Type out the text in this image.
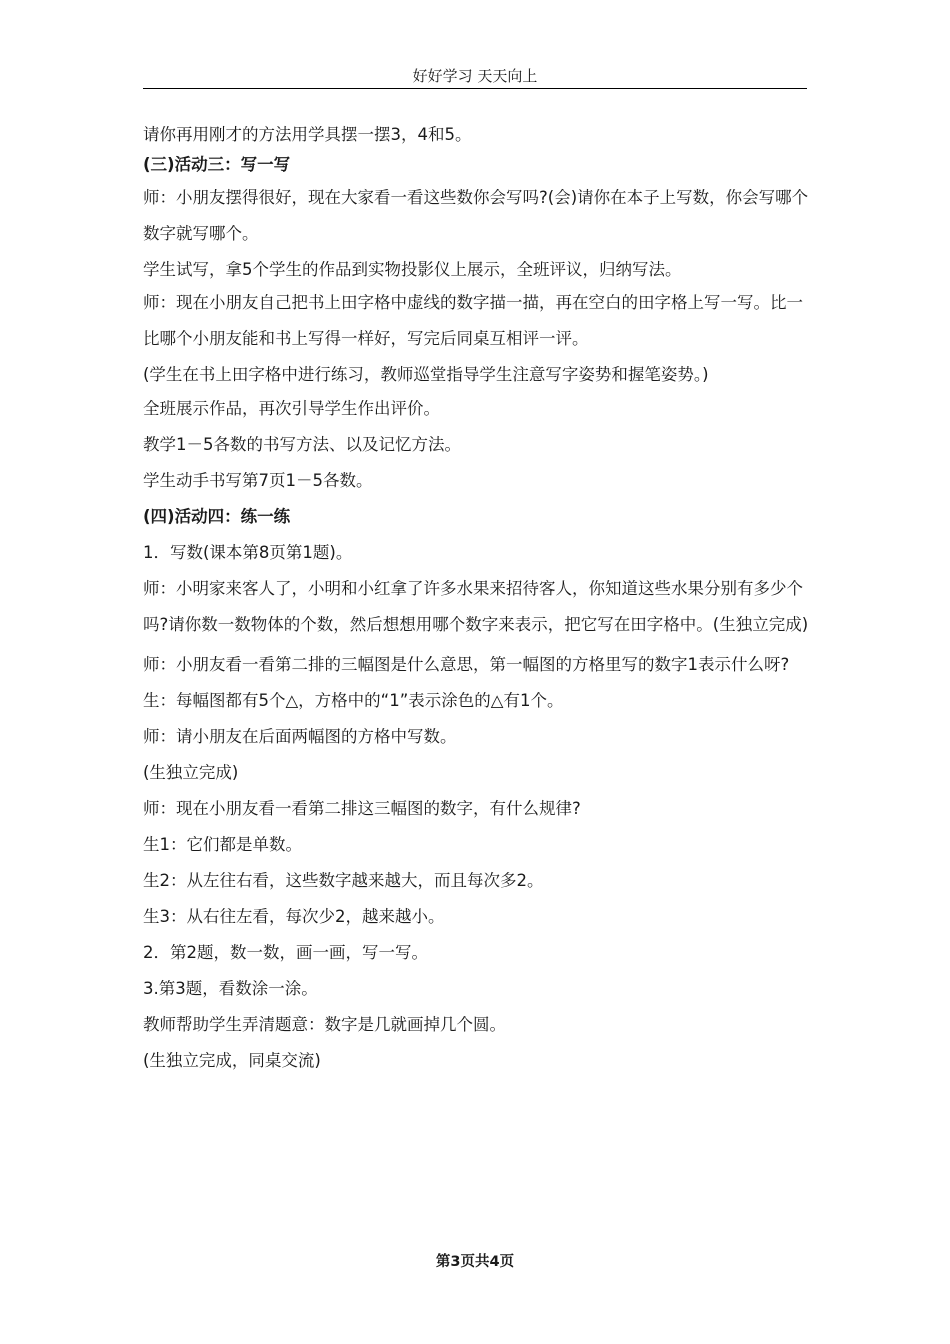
好好学习 天天向上

请你再用刚才的方法用学具摆一摆3，4和5。

(三)活动三：写一写

师：小朋友摆得很好，现在大家看一看这些数你会写吗?(会)请你在本子上写数，你会写哪个数字就写哪个。

学生试写，拿5个学生的作品到实物投影仪上展示，全班评议，归纳写法。

师：现在小朋友自己把书上田字格中虚线的数字描一描，再在空白的田字格上写一写。比一比哪个小朋友能和书上写得一样好，写完后同桌互相评一评。

(学生在书上田字格中进行练习，教师巡堂指导学生注意写字姿势和握笔姿势。)

全班展示作品，再次引导学生作出评价。

教学1－5各数的书写方法、以及记忆方法。

学生动手书写第7页1－5各数。

(四)活动四：练一练

1．写数(课本第8页第1题)。

师：小明家来客人了，小明和小红拿了许多水果来招待客人，你知道这些水果分别有多少个吗?请你数一数物体的个数，然后想想用哪个数字来表示，把它写在田字格中。(生独立完成)

师：小朋友看一看第二排的三幅图是什么意思，第一幅图的方格里写的数字1表示什么呀?

生：每幅图都有5个△，方格中的“1”表示涂色的△有1个。

师：请小朋友在后面两幅图的方格中写数。

(生独立完成)

师：现在小朋友看一看第二排这三幅图的数字，有什么规律?

生1：它们都是单数。

生2：从左往右看，这些数字越来越大，而且每次多2。

生3：从右往左看，每次少2，越来越小。

2．第2题，数一数，画一画，写一写。

3.第3题，看数涂一涂。

教师帮助学生弄清题意：数字是几就画掉几个圆。

(生独立完成，同桌交流)

第3页共4页
